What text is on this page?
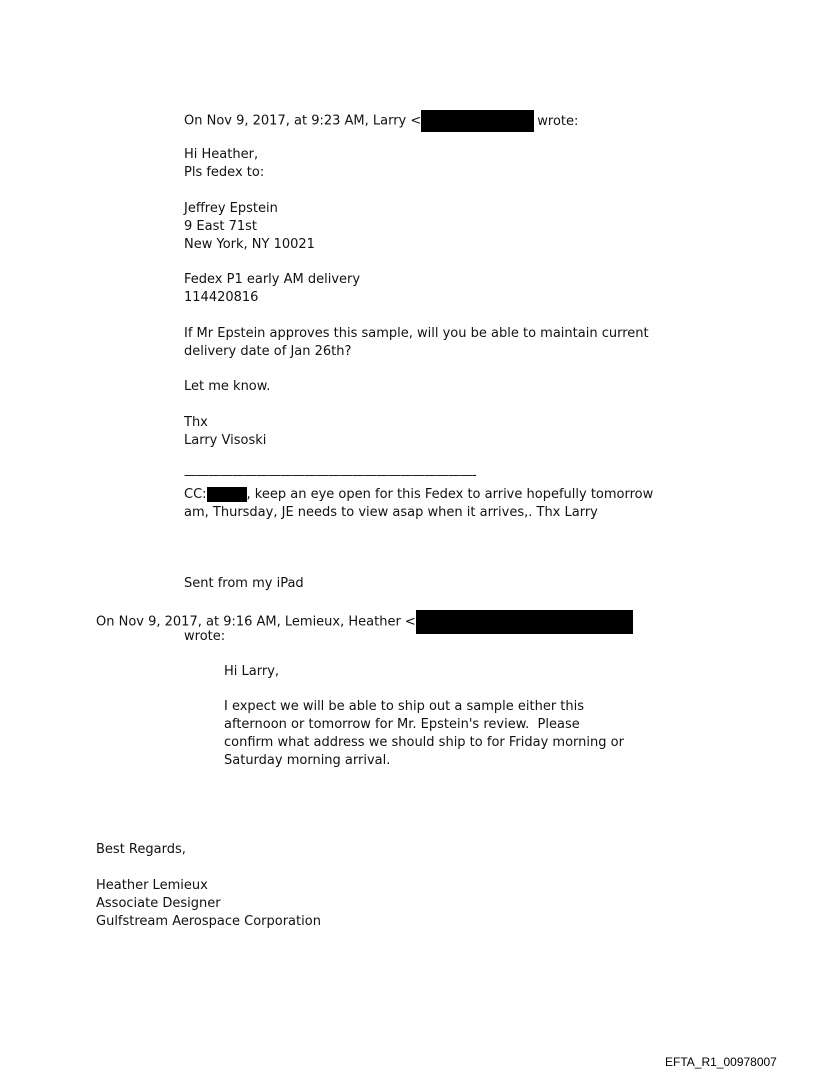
On Nov 9, 2017, at 9:23 AM, Larry <	wrote:
Hi Heather,
Pls fedex to:
Jeffrey Epstein
9 East 71st
New York, NY 10021
Fedex P1 early AM delivery
114420816
If Mr Epstein approves this sample, will you be able to maintain current
delivery date of Jan 26th?
Let me know.
Thx
Larry Visoski
————————————————————————-
CC:	, keep an eye open for this Fedex to arrive hopefully tomorrow
am, Thursday, JE needs to view asap when it arrives,. Thx Larry
Sent from my iPad
On Nov 9, 2017, at 9:16 AM, Lemieux, Heather <
wrote:
Hi Larry,
I expect we will be able to ship out a sample either this
afternoon or tomorrow for Mr. Epstein's review.  Please
confirm what address we should ship to for Friday morning or
Saturday morning arrival.
Best Regards,
Heather Lemieux
Associate Designer
Gulfstream Aerospace Corporation
EFTA_R1_00978007
